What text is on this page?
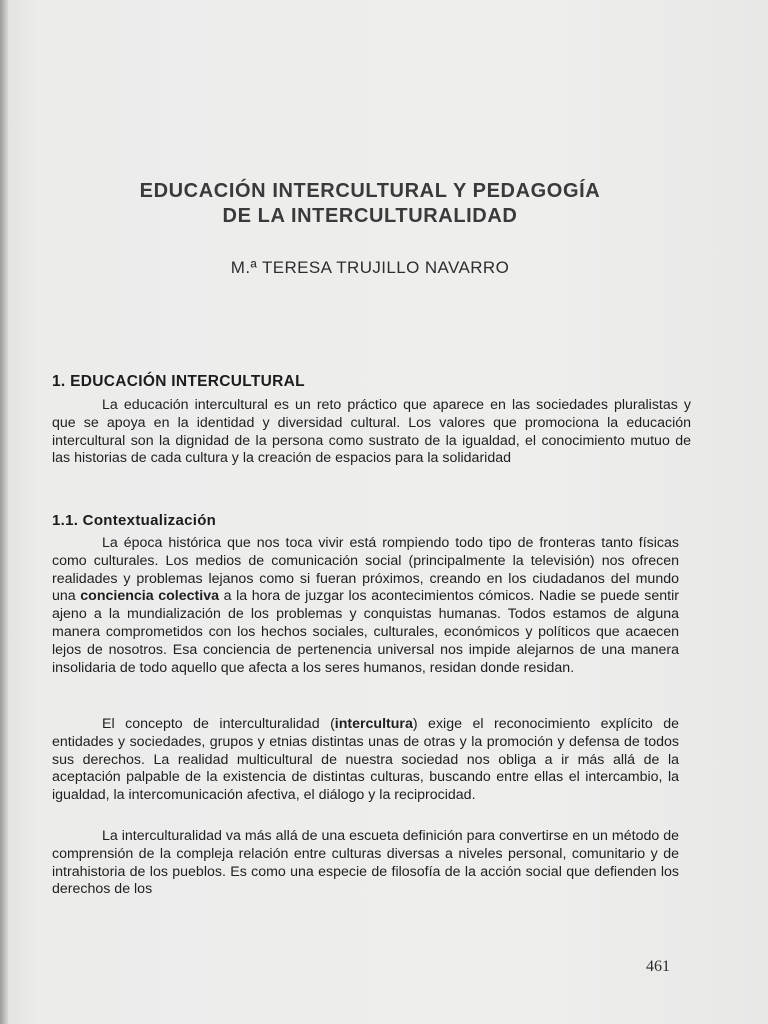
EDUCACIÓN INTERCULTURAL Y PEDAGOGÍA
DE LA INTERCULTURALIDAD
M.ª TERESA TRUJILLO NAVARRO
1. EDUCACIÓN INTERCULTURAL

La educación intercultural es un reto práctico que aparece en las sociedades pluralistas y que se apoya en la identidad y diversidad cultural. Los valores que promociona la educación intercultural son la dignidad de la persona como sustrato de la igualdad, el conocimiento mutuo de las historias de cada cultura y la creación de espacios para la solidaridad

1.1. Contextualización

La época histórica que nos toca vivir está rompiendo todo tipo de fronteras tanto físicas como culturales. Los medios de comunicación social (principalmente la televisión) nos ofrecen realidades y problemas lejanos como si fueran próximos, creando en los ciudadanos del mundo una conciencia colectiva a la hora de juzgar los acontecimientos cómicos. Nadie se puede sentir ajeno a la mundialización de los problemas y conquistas humanas. Todos estamos de alguna manera comprometidos con los hechos sociales, culturales, económicos y políticos que acaecen lejos de nosotros. Esa conciencia de pertenencia universal nos impide alejarnos de una manera insolidaria de todo aquello que afecta a los seres humanos, residan donde residan.

El concepto de interculturalidad (intercultura) exige el reconocimiento explícito de entidades y sociedades, grupos y etnias distintas unas de otras y la promoción y defensa de todos sus derechos. La realidad multicultural de nuestra sociedad nos obliga a ir más allá de la aceptación palpable de la existencia de distintas culturas, buscando entre ellas el intercambio, la igualdad, la intercomunicación afectiva, el diálogo y la reciprocidad.

La interculturalidad va más allá de una escueta definición para convertirse en un método de comprensión de la compleja relación entre culturas diversas a niveles personal, comunitario y de intrahistoria de los pueblos. Es como una especie de filosofía de la acción social que defienden los derechos de los

461
